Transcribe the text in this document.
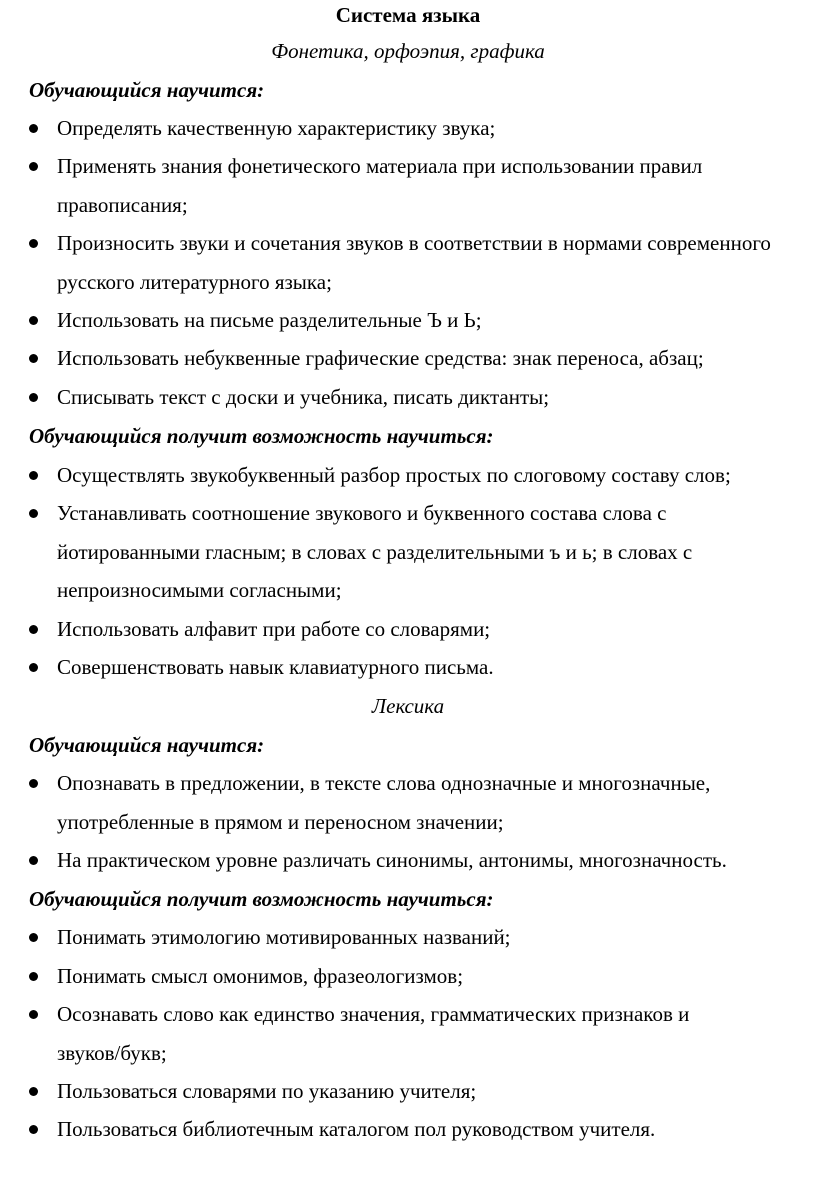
Система языка
Фонетика, орфоэпия, графика
Обучающийся научится:
Определять качественную характеристику звука;
Применять знания фонетического материала при использовании правил
правописания;
Произносить звуки и сочетания звуков в соответствии в нормами современного
русского литературного языка;
Использовать на письме разделительные Ъ и Ь;
Использовать небуквенные графические средства: знак переноса, абзац;
Списывать текст с доски и учебника, писать диктанты;
Обучающийся получит возможность научиться:
Осуществлять звукобуквенный разбор простых по слоговому составу слов;
Устанавливать соотношение звукового и буквенного состава слова с
йотированными гласным; в словах с разделительными ъ и ь; в словах с
непроизносимыми согласными;
Использовать алфавит при работе со словарями;
Совершенствовать навык клавиатурного письма.
Лексика
Обучающийся научится:
Опознавать в предложении, в тексте слова однозначные и многозначные,
употребленные в прямом и переносном значении;
На практическом уровне различать синонимы, антонимы, многозначность.
Обучающийся получит возможность научиться:
Понимать этимологию мотивированных названий;
Понимать смысл омонимов, фразеологизмов;
Осознавать слово как единство значения, грамматических признаков и
звуков/букв;
Пользоваться словарями по указанию учителя;
Пользоваться библиотечным каталогом пол руководством учителя.
